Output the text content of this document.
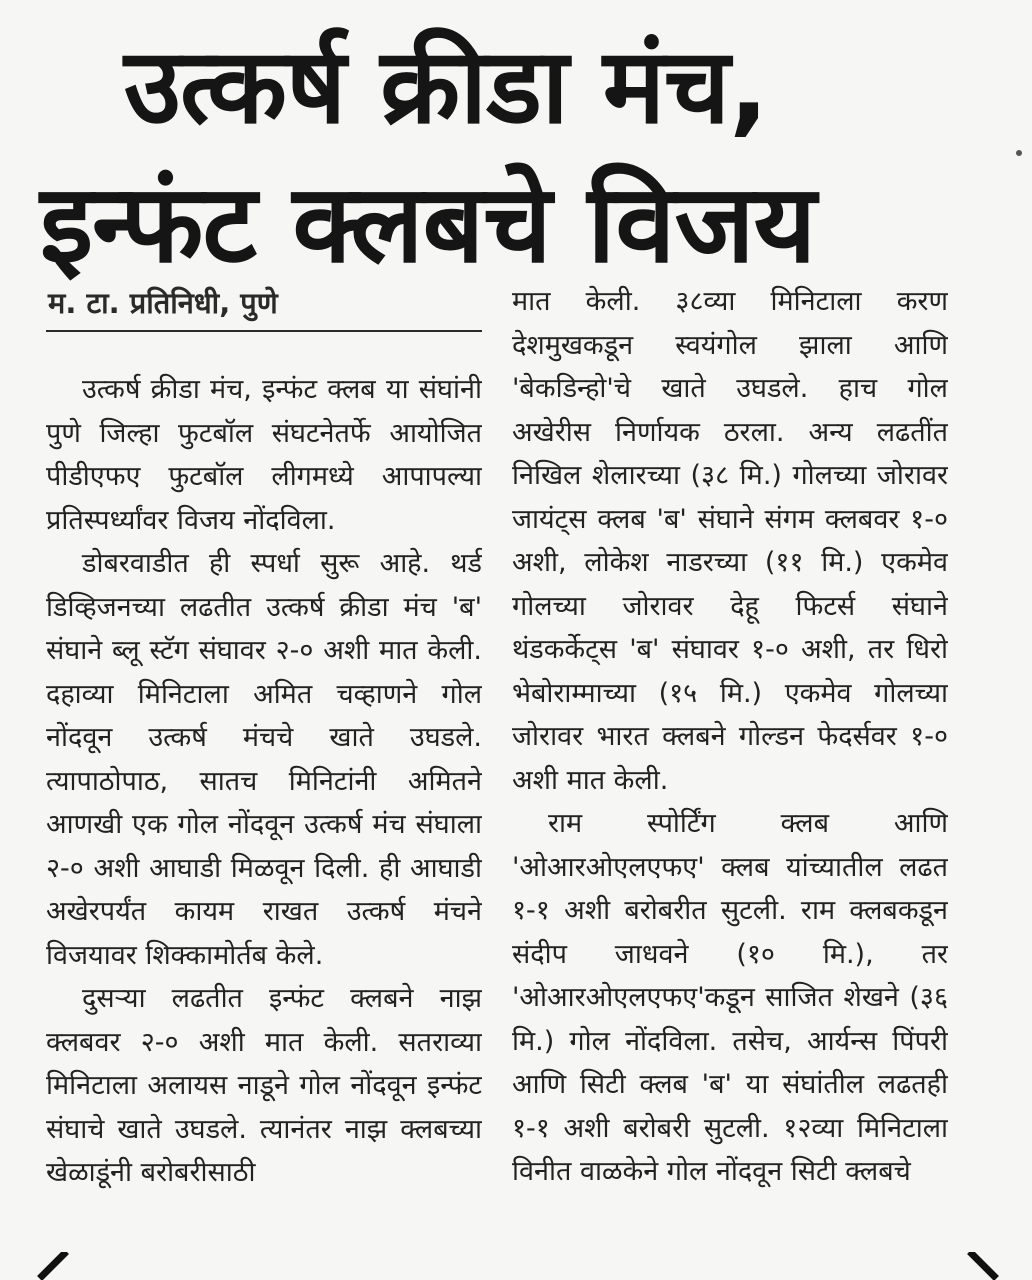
उत्कर्ष क्रीडा मंच,
इन्फंट क्लबचे विजय
म. टा. प्रतिनिधी, पुणे

उत्कर्ष क्रीडा मंच, इन्फंट क्लब या संघांनी पुणे जिल्हा फुटबॉल संघटनेतर्फे आयोजित पीडीएफए फुटबॉल लीगमध्ये आपापल्या प्रतिस्पर्ध्यांवर विजय नोंदविला.

डोबरवाडीत ही स्पर्धा सुरू आहे. थर्ड डिव्हिजनच्या लढतीत उत्कर्ष क्रीडा मंच 'ब' संघाने ब्लू स्टॅग संघावर २-० अशी मात केली. दहाव्या मिनिटाला अमित चव्हाणने गोल नोंदवून उत्कर्ष मंचचे खाते उघडले. त्यापाठोपाठ, सातच मिनिटांनी अमितने आणखी एक गोल नोंदवून उत्कर्ष मंच संघाला २-० अशी आघाडी मिळवून दिली. ही आघाडी अखेरपर्यंत कायम राखत उत्कर्ष मंचने विजयावर शिक्कामोर्तब केले.

दुसऱ्या लढतीत इन्फंट क्लबने नाझ क्लबवर २-० अशी मात केली. सतराव्या मिनिटाला अलायस नाडूने गोल नोंदवून इन्फंट संघाचे खाते उघडले. त्यानंतर नाझ क्लबच्या खेळाडूंनी बरोबरीसाठी

मात केली. ३८व्या मिनिटाला करण देशमुखकडून स्वयंगोल झाला आणि 'बेकडिन्हो'चे खाते उघडले. हाच गोल अखेरीस निर्णायक ठरला. अन्य लढतींत निखिल शेलारच्या (३८ मि.) गोलच्या जोरावर जायंट्स क्लब 'ब' संघाने संगम क्लबवर १-० अशी, लोकेश नाडरच्या (११ मि.) एकमेव गोलच्या जोरावर देहू फिटर्स संघाने थंडकर्केट्स 'ब' संघावर १-० अशी, तर धिरो भेबोराम्माच्या (१५ मि.) एकमेव गोलच्या जोरावर भारत क्लबने गोल्डन फेदर्सवर १-० अशी मात केली.

राम स्पोर्टिंग क्लब आणि 'ओआरओएलएफए' क्लब यांच्यातील लढत १-१ अशी बरोबरीत सुटली. राम क्लबकडून संदीप जाधवने (१० मि.), तर 'ओआरओएलएफए'कडून साजित शेखने (३६ मि.) गोल नोंदविला. तसेच, आर्यन्स पिंपरी आणि सिटी क्लब 'ब' या संघांतील लढतही १-१ अशी बरोबरी सुटली. १२व्या मिनिटाला विनीत वाळकेने गोल नोंदवून सिटी क्लबचे
